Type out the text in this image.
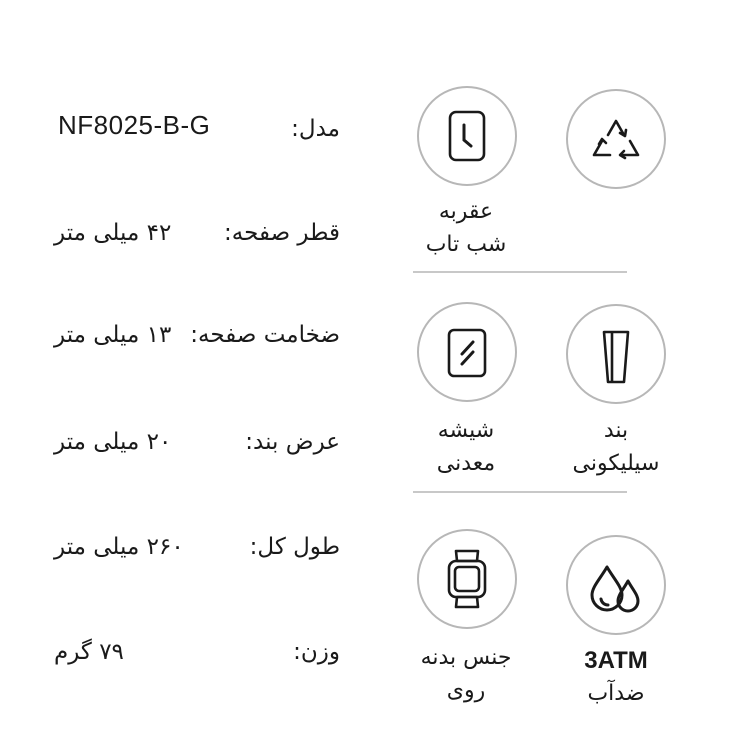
مدل:
NF8025-B-G
قطر صفحه:
۴۲ میلی متر
ضخامت صفحه:
۱۳ میلی متر
عرض بند:
۲۰ میلی متر
طول کل:
۲۶۰ میلی متر
وزن:
۷۹ گرم
عقربه
شب تاب
بند
سیلیکونی
شیشه
معدنی
3ATM
ضدآب
جنس بدنه
روی
